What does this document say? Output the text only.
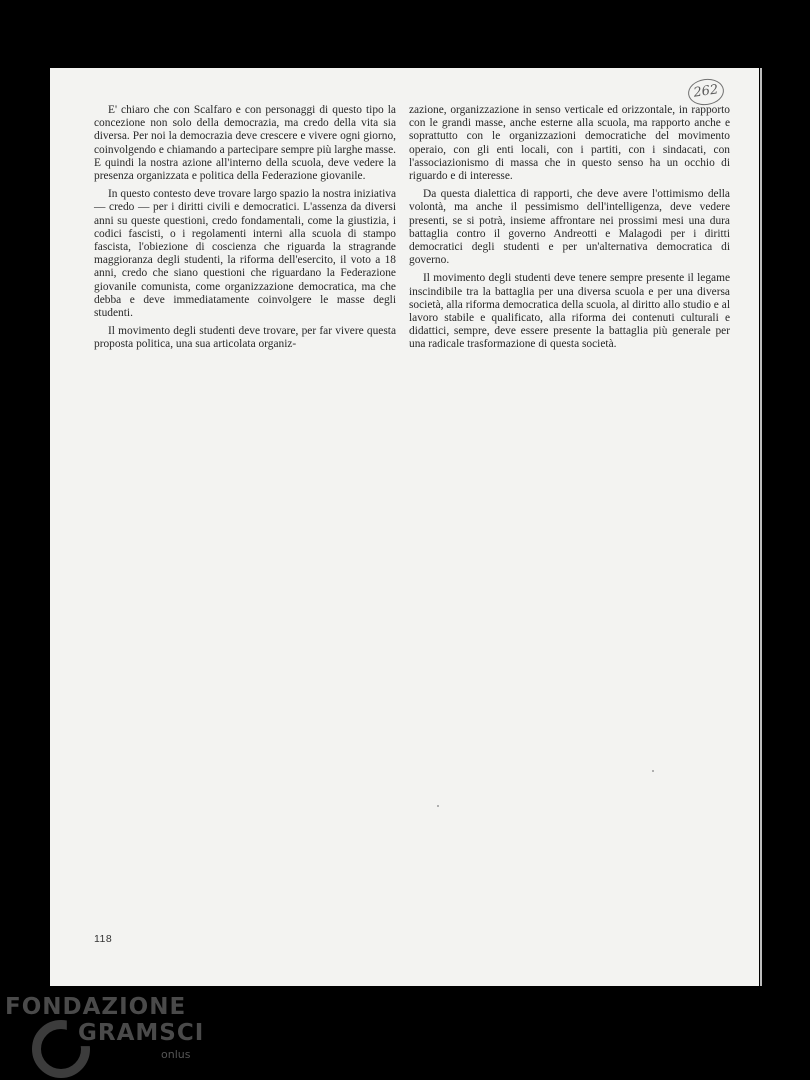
262

E' chiaro che con Scalfaro e con personaggi di questo tipo la concezione non solo della democrazia, ma credo della vita sia diversa. Per noi la democrazia deve crescere e vivere ogni giorno, coinvolgendo e chiamando a partecipare sempre più larghe masse. E quindi la nostra azione all'interno della scuola, deve vedere la presenza organizzata e politica della Federazione giovanile.

In questo contesto deve trovare largo spazio la nostra iniziativa — credo — per i diritti civili e democratici. L'assenza da diversi anni su queste questioni, credo fondamentali, come la giustizia, i codici fascisti, o i regolamenti interni alla scuola di stampo fascista, l'obiezione di coscienza che riguarda la stragrande maggioranza degli studenti, la riforma dell'esercito, il voto a 18 anni, credo che siano questioni che riguardano la Federazione giovanile comunista, come organizzazione democratica, ma che debba e deve immediatamente coinvolgere le masse degli studenti.

Il movimento degli studenti deve trovare, per far vivere questa proposta politica, una sua articolata organiz-

zazione, organizzazione in senso verticale ed orizzontale, in rapporto con le grandi masse, anche esterne alla scuola, ma rapporto anche e soprattutto con le organizzazioni democratiche del movimento operaio, con gli enti locali, con i partiti, con i sindacati, con l'associazionismo di massa che in questo senso ha un occhio di riguardo e di interesse.

Da questa dialettica di rapporti, che deve avere l'ottimismo della volontà, ma anche il pessimismo dell'intelligenza, deve vedere presenti, se si potrà, insieme affrontare nei prossimi mesi una dura battaglia contro il governo Andreotti e Malagodi per i diritti democratici degli studenti e per un'alternativa democratica di governo.

Il movimento degli studenti deve tenere sempre presente il legame inscindibile tra la battaglia per una diversa scuola e per una diversa società, alla riforma democratica della scuola, al diritto allo studio e al lavoro stabile e qualificato, alla riforma dei contenuti culturali e didattici, sempre, deve essere presente la battaglia più generale per una radicale trasformazione di questa società.

118
FONDAZIONE
GRAMSCI
onlus
